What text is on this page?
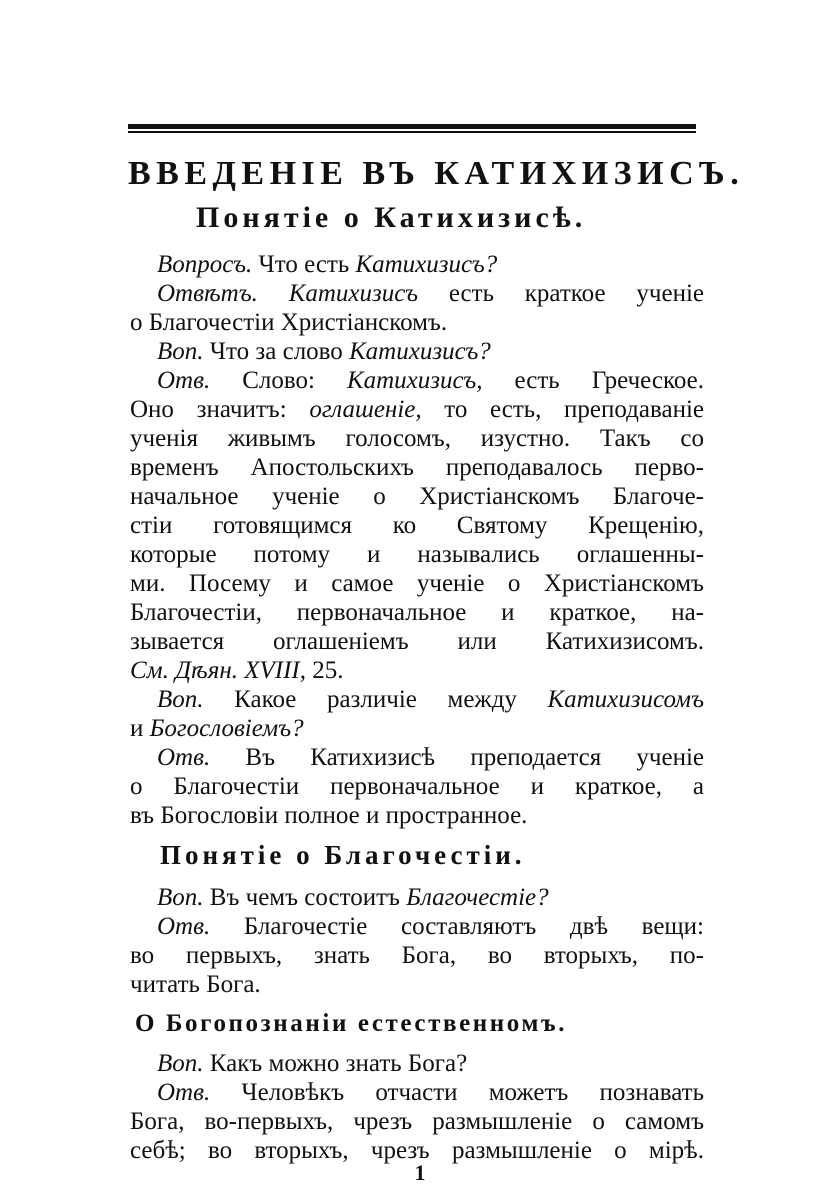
ВВЕДЕНІЕ ВЪ КАТИХИЗИСЪ.
Понятіе о Катихизисѣ.
Вопросъ. Что есть Катихизисъ?
Отвѣтъ. Катихизисъ есть краткое ученіе
о Благочестіи Христіанскомъ.
Воп. Что за слово Катихизисъ?
Отв. Слово: Катихизисъ, есть Греческое.
Оно значитъ: оглашеніе, то есть, преподаваніе
ученія живымъ голосомъ, изустно. Такъ со
временъ Апостольскихъ преподавалось перво-
начальное ученіе о Христіанскомъ Благоче-
стіи готовящимся ко Святому Крещенію,
которые потому и назывались оглашенны-
ми. Посему и самое ученіе о Христіанскомъ
Благочестіи, первоначальное и краткое, на-
зывается оглашеніемъ или Катихизисомъ.
См. Дѣян. XVIII, 25.
Воп. Какое различіе между Катихизисомъ
и Богословіемъ?
Отв. Въ Катихизисѣ преподается ученіе
о Благочестіи первоначальное и краткое, а
въ Богословіи полное и пространное.
Понятіе о Благочестіи.
Воп. Въ чемъ состоитъ Благочестіе?
Отв. Благочестіе составляютъ двѣ вещи:
во первыхъ, знать Бога, во вторыхъ, по-
читать Бога.
О Богопознаніи естественномъ.
Воп. Какъ можно знать Бога?
Отв. Человѣкъ отчасти можетъ познавать
Бога, во-первыхъ, чрезъ размышленіе о самомъ
себѣ; во вторыхъ, чрезъ размышленіе о мірѣ.
1
